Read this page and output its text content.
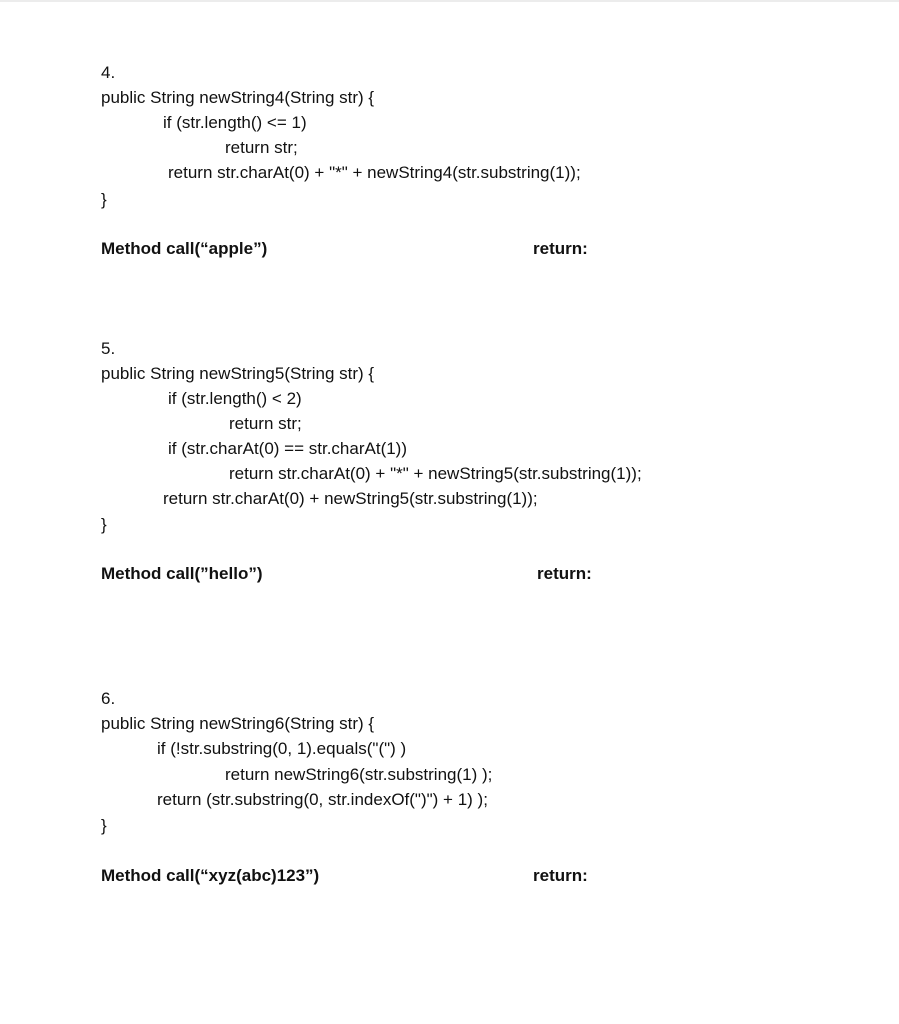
4.
public String newString4(String str) {
if (str.length() <= 1)
return str;
return str.charAt(0) + "*" + newString4(str.substring(1));
}
Method call(“apple”)	return:
5.
public String newString5(String str) {
if (str.length() < 2)
return str;
if (str.charAt(0) == str.charAt(1))
return str.charAt(0) + "*" + newString5(str.substring(1));
return str.charAt(0) + newString5(str.substring(1));
}
Method call(”hello”)	return:
6.
public String newString6(String str) {
if (!str.substring(0, 1).equals("(") )
return newString6(str.substring(1) );
return (str.substring(0, str.indexOf(")") + 1) );
}
Method call(“xyz(abc)123”)	return:
